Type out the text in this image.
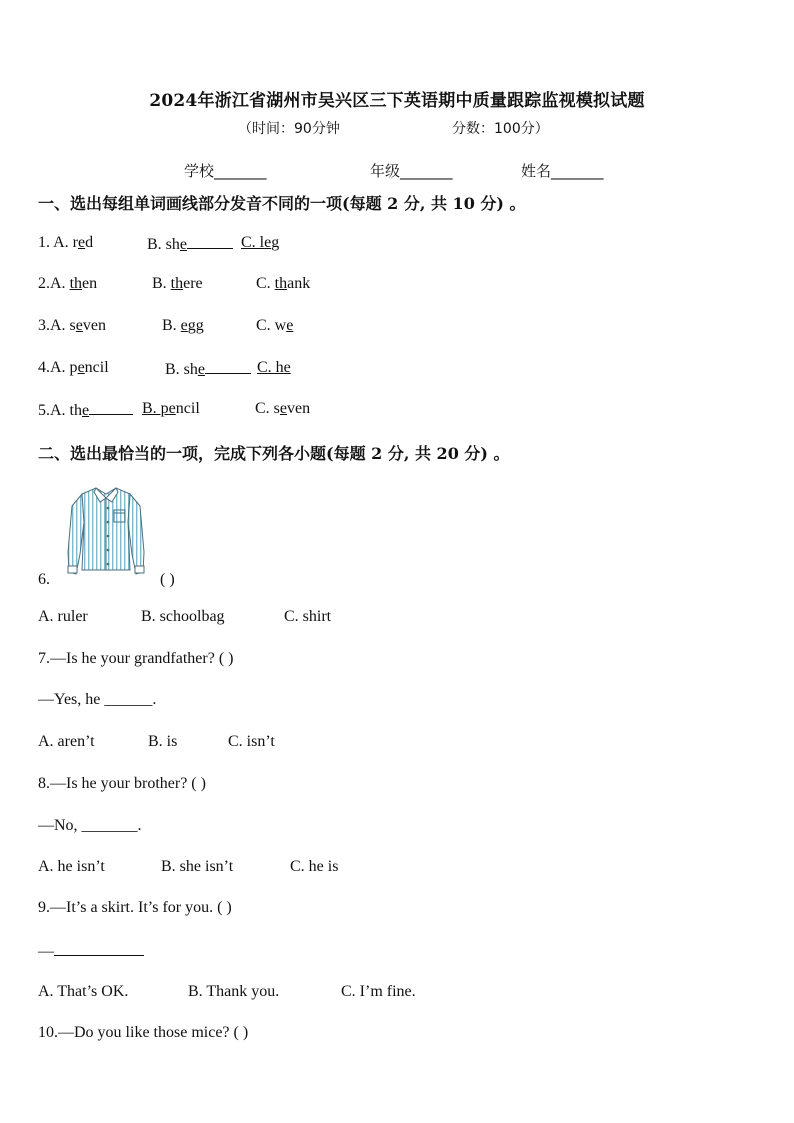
2024年浙江省湖州市吴兴区三下英语期中质量跟踪监视模拟试题
（时间：90分钟	分数：100分）
学校_______	年级_______	姓名_______
一、选出每组单词画线部分发音不同的一项(每题 2 分, 共 10 分) 。
1. A. red	B. she	C. leg
2.A. then	B. there	C. thank
3.A. seven	B. egg	C. we
4.A. pencil	B. she	C. he
5.A. the	B. pencil	C. seven
二、选出最恰当的一项，完成下列各小题(每题 2 分, 共 20 分) 。
6.	( )
A. ruler	B. schoolbag	C. shirt
7.—Is he your grandfather? ( )
—Yes, he ______.
A. aren’t	B. is	C. isn’t
8.—Is he your brother? ( )
—No, _______.
A. he isn’t	B. she isn’t	C. he is
9.—It’s a skirt. It’s for you. ( )
—
A. That’s OK.	B. Thank you.	C. I’m fine.
10.—Do you like those mice? ( )
